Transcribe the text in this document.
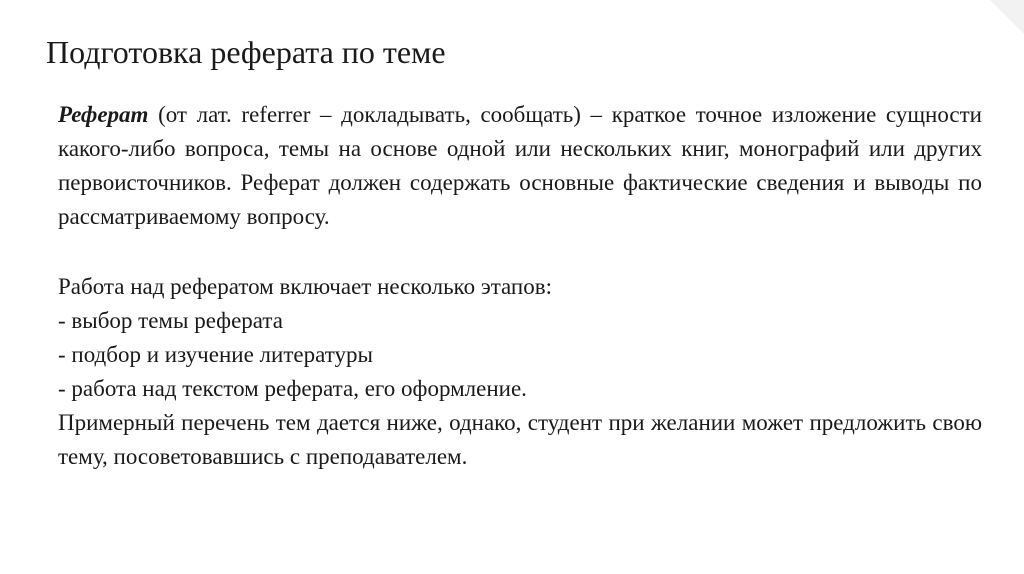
Подготовка реферата по теме

Реферат (от лат. referrer – докладывать, сообщать) – краткое точное изложение сущности какого-либо вопроса, темы на основе одной или нескольких книг, монографий или других первоисточников. Реферат должен содержать основные фактические сведения и выводы по рассматриваемому вопросу.

Работа над рефератом включает несколько этапов:

- выбор темы реферата

- подбор и изучение литературы

- работа над текстом реферата, его оформление.

Примерный перечень тем дается ниже, однако, студент при желании может предложить свою тему, посоветовавшись с преподавателем.
